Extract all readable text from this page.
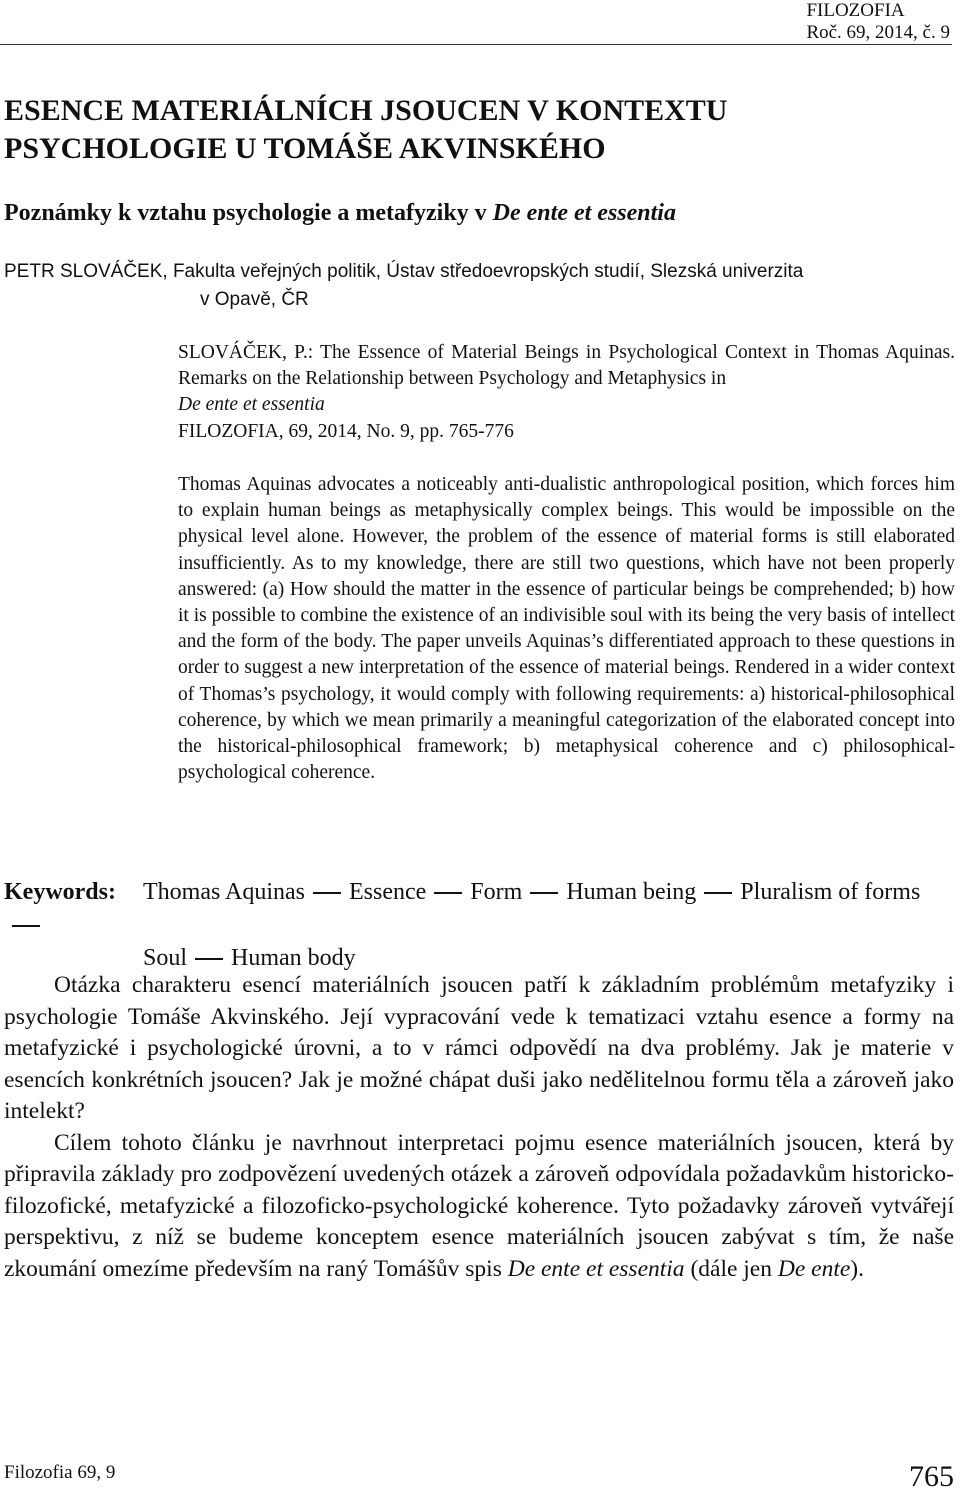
FILOZOFIA
Roč. 69, 2014, č. 9
ESENCE MATERIÁLNÍCH JSOUCEN V KONTEXTU
PSYCHOLOGIE U TOMÁŠE AKVINSKÉHO
Poznámky k vztahu psychologie a metafyziky v De ente et essentia
PETR SLOVÁČEK, Fakulta veřejných politik, Ústav středoevropských studií, Slezská univerzita
v Opavě, ČR
SLOVÁČEK, P.: The Essence of Material Beings in Psychological Context in Thomas Aquinas. Remarks on the Relationship between Psychology and Metaphysics in
De ente et essentia
FILOZOFIA, 69, 2014, No. 9, pp. 765-776

Thomas Aquinas advocates a noticeably anti-dualistic anthropological position, which forces him to explain human beings as metaphysically complex beings. This would be impossible on the physical level alone. However, the problem of the essence of material forms is still elaborated insufficiently. As to my knowledge, there are still two questions, which have not been properly answered: (a) How should the matter in the essence of particular beings be comprehended; b) how it is possible to combine the existence of an indivisible soul with its being the very basis of intellect and the form of the body. The paper unveils Aquinas’s differentiated approach to these questions in order to suggest a new interpretation of the essence of material beings. Rendered in a wider context of Thomas’s psychology, it would comply with following requirements: a) historical-philosophical coherence, by which we mean primarily a meaningful categorization of the elaborated concept into the historical-philosophical framework; b) metaphysical coherence and c) philosophical-psychological coherence.

Keywords: Thomas Aquinas Essence Form Human being Pluralism of forms
Soul Human body

Otázka charakteru esencí materiálních jsoucen patří k základním problémům metafyziky i psychologie Tomáše Akvinského. Její vypracování vede k tematizaci vztahu esence a formy na metafyzické i psychologické úrovni, a to v rámci odpovědí na dva problémy. Jak je materie v esencích konkrétních jsoucen? Jak je možné chápat duši jako nedělitelnou formu těla a zároveň jako intelekt?

Cílem tohoto článku je navrhnout interpretaci pojmu esence materiálních jsoucen, která by připravila základy pro zodpovězení uvedených otázek a zároveň odpovídala požadavkům historicko-filozofické, metafyzické a filozoficko-psychologické koherence. Tyto požadavky zároveň vytvářejí perspektivu, z níž se budeme konceptem esence materiálních jsoucen zabývat s tím, že naše zkoumání omezíme především na raný Tomášův spis De ente et essentia (dále jen De ente).

Filozofia 69, 9	765
